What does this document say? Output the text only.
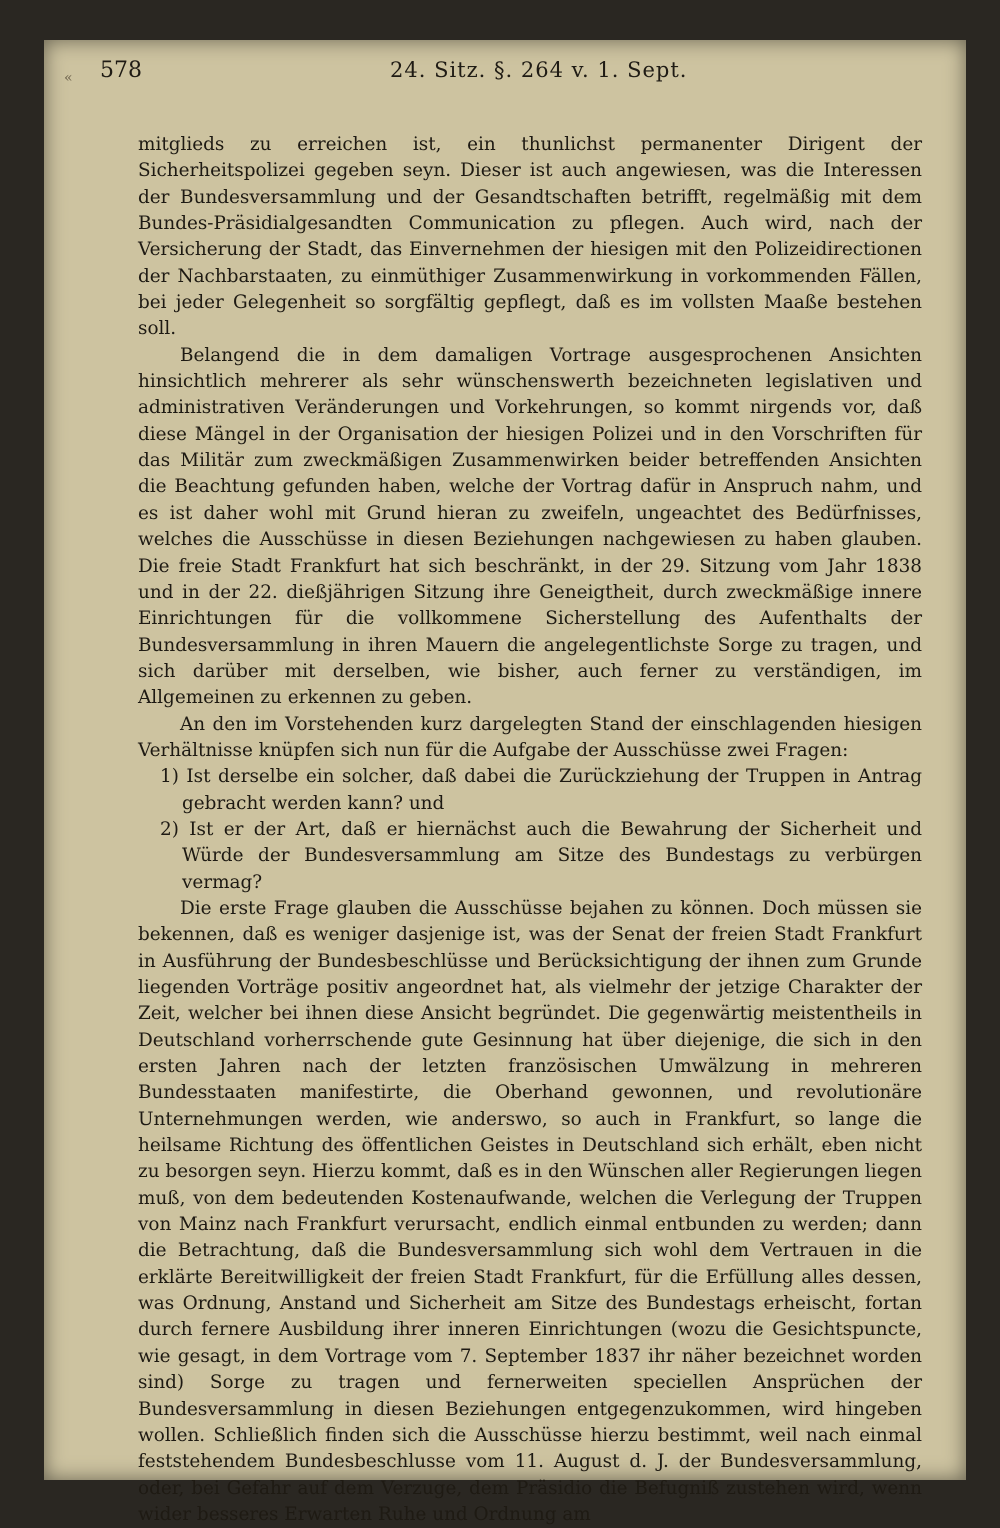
« 578	24. Sitz. §. 264 v. 1. Sept.

mitglieds zu erreichen ist, ein thunlichst permanenter Dirigent der Sicherheitspolizei gegeben seyn. Dieser ist auch angewiesen, was die Interessen der Bundesversammlung und der Gesandtschaften betrifft, regelmäßig mit dem Bundes-Präsidialgesandten Communication zu pflegen. Auch wird, nach der Versicherung der Stadt, das Einvernehmen der hiesigen mit den Polizeidirectionen der Nachbarstaaten, zu einmüthiger Zusammenwirkung in vorkommenden Fällen, bei jeder Gelegenheit so sorgfältig gepflegt, daß es im vollsten Maaße bestehen soll.

Belangend die in dem damaligen Vortrage ausgesprochenen Ansichten hinsichtlich mehrerer als sehr wünschenswerth bezeichneten legislativen und administrativen Veränderungen und Vorkehrungen, so kommt nirgends vor, daß diese Mängel in der Organisation der hiesigen Polizei und in den Vorschriften für das Militär zum zweckmäßigen Zusammenwirken beider betreffenden Ansichten die Beachtung gefunden haben, welche der Vortrag dafür in Anspruch nahm, und es ist daher wohl mit Grund hieran zu zweifeln, ungeachtet des Bedürfnisses, welches die Ausschüsse in diesen Beziehungen nachgewiesen zu haben glauben. Die freie Stadt Frankfurt hat sich beschränkt, in der 29. Sitzung vom Jahr 1838 und in der 22. dießjährigen Sitzung ihre Geneigtheit, durch zweckmäßige innere Einrichtungen für die vollkommene Sicherstellung des Aufenthalts der Bundesversammlung in ihren Mauern die angelegentlichste Sorge zu tragen, und sich darüber mit derselben, wie bisher, auch ferner zu verständigen, im Allgemeinen zu erkennen zu geben.

An den im Vorstehenden kurz dargelegten Stand der einschlagenden hiesigen Verhältnisse knüpfen sich nun für die Aufgabe der Ausschüsse zwei Fragen:

1) Ist derselbe ein solcher, daß dabei die Zurückziehung der Truppen in Antrag gebracht werden kann? und

2) Ist er der Art, daß er hiernächst auch die Bewahrung der Sicherheit und Würde der Bundesversammlung am Sitze des Bundestags zu verbürgen vermag?

Die erste Frage glauben die Ausschüsse bejahen zu können. Doch müssen sie bekennen, daß es weniger dasjenige ist, was der Senat der freien Stadt Frankfurt in Ausführung der Bundesbeschlüsse und Berücksichtigung der ihnen zum Grunde liegenden Vorträge positiv angeordnet hat, als vielmehr der jetzige Charakter der Zeit, welcher bei ihnen diese Ansicht begründet. Die gegenwärtig meistentheils in Deutschland vorherrschende gute Gesinnung hat über diejenige, die sich in den ersten Jahren nach der letzten französischen Umwälzung in mehreren Bundesstaaten manifestirte, die Oberhand gewonnen, und revolutionäre Unternehmungen werden, wie anderswo, so auch in Frankfurt, so lange die heilsame Richtung des öffentlichen Geistes in Deutschland sich erhält, eben nicht zu besorgen seyn. Hierzu kommt, daß es in den Wünschen aller Regierungen liegen muß, von dem bedeutenden Kostenaufwande, welchen die Verlegung der Truppen von Mainz nach Frankfurt verursacht, endlich einmal entbunden zu werden; dann die Betrachtung, daß die Bundesversammlung sich wohl dem Vertrauen in die erklärte Bereitwilligkeit der freien Stadt Frankfurt, für die Erfüllung alles dessen, was Ordnung, Anstand und Sicherheit am Sitze des Bundestags erheischt, fortan durch fernere Ausbildung ihrer inneren Einrichtungen (wozu die Gesichtspuncte, wie gesagt, in dem Vortrage vom 7. September 1837 ihr näher bezeichnet worden sind) Sorge zu tragen und fernerweiten speciellen Ansprüchen der Bundesversammlung in diesen Beziehungen entgegenzukommen, wird hingeben wollen. Schließlich finden sich die Ausschüsse hierzu bestimmt, weil nach einmal feststehendem Bundesbeschlusse vom 11. August d. J. der Bundesversammlung, oder, bei Gefahr auf dem Verzuge, dem Präsidio die Befugniß zustehen wird, wenn wider besseres Erwarten Ruhe und Ordnung am
